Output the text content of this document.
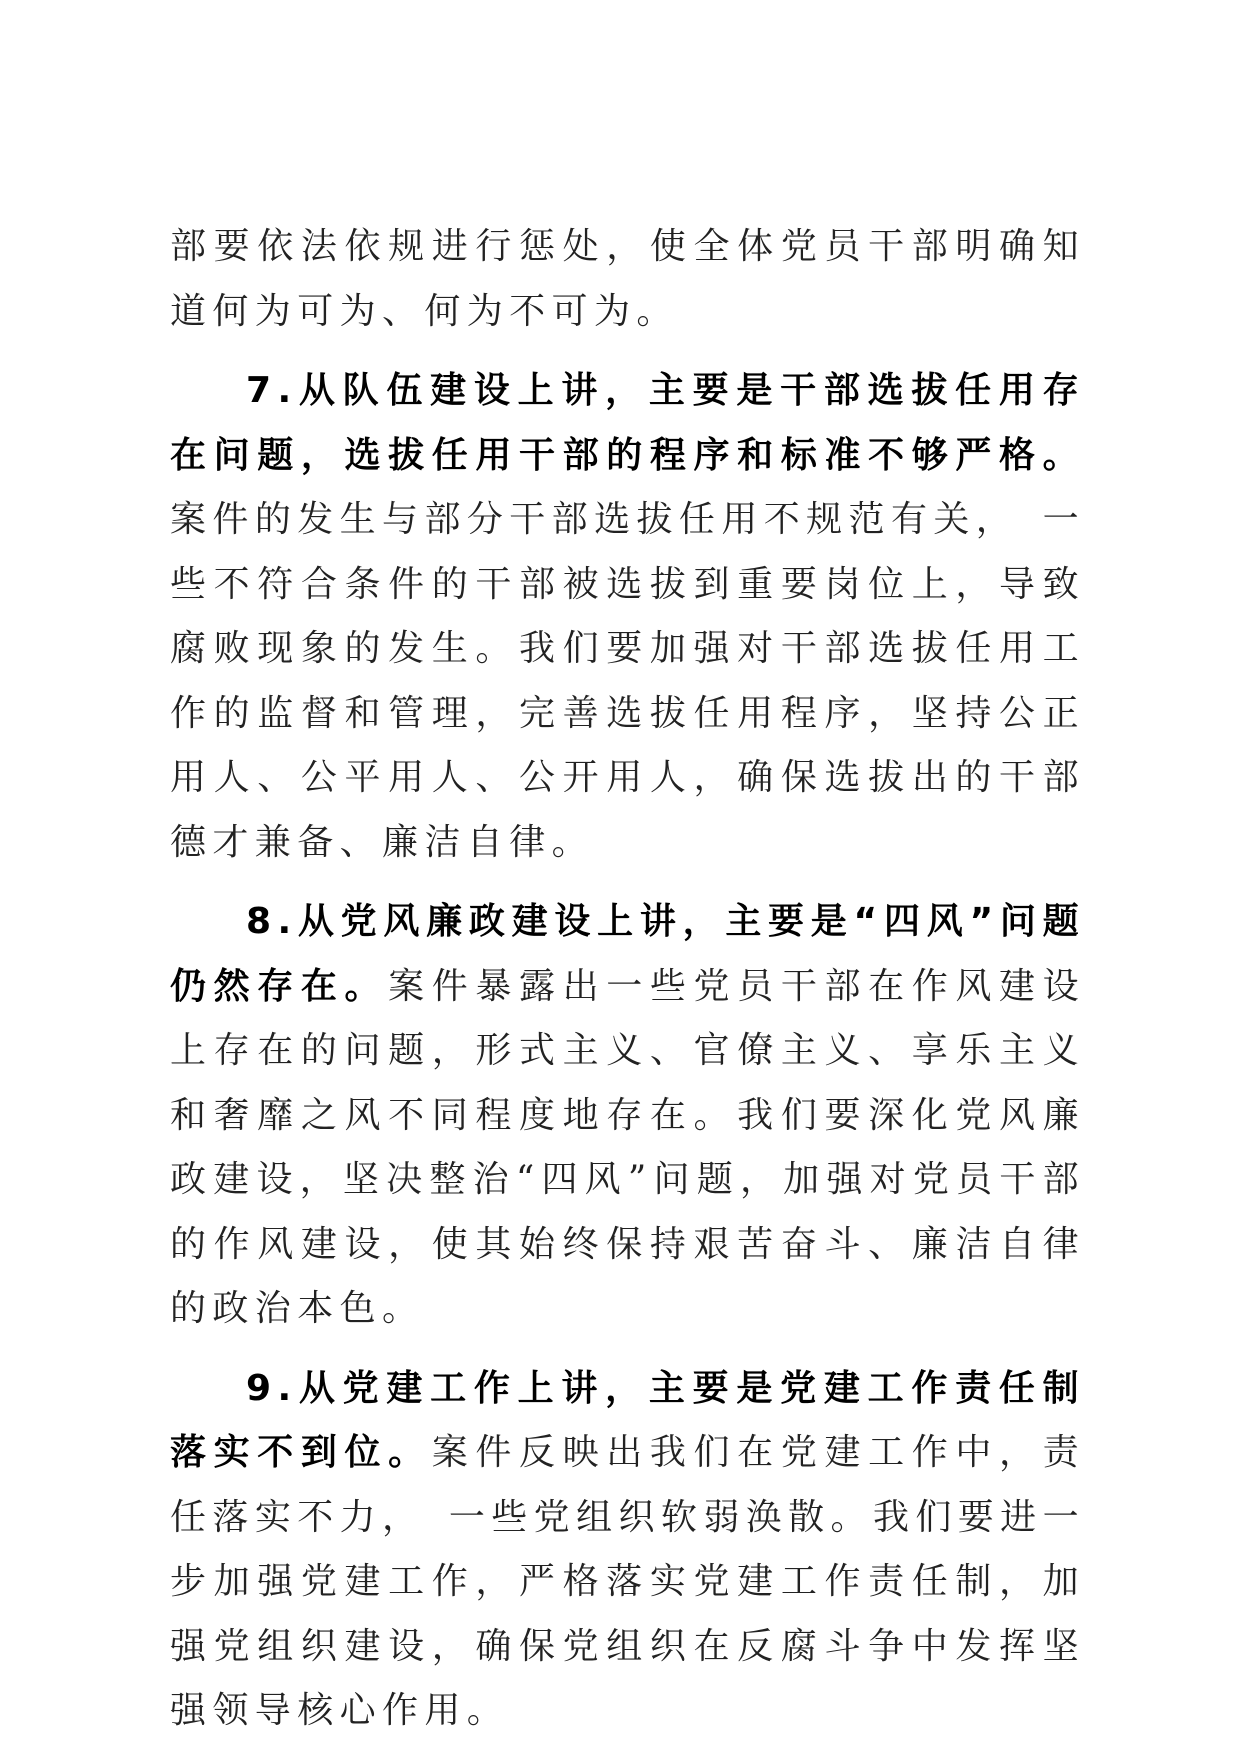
部要依法依规进行惩处，使全体党员干部明确知道何为可为、何为不可为。

7.从队伍建设上讲，主要是干部选拔任用存在问题，选拔任用干部的程序和标准不够严格。案件的发生与部分干部选拔任用不规范有关，　一些不符合条件的干部被选拔到重要岗位上，导致腐败现象的发生。我们要加强对干部选拔任用工作的监督和管理，完善选拔任用程序，坚持公正用人、公平用人、公开用人，确保选拔出的干部德才兼备、廉洁自律。

8.从党风廉政建设上讲，主要是“四风”问题仍然存在。案件暴露出一些党员干部在作风建设上存在的问题，形式主义、官僚主义、享乐主义和奢靡之风不同程度地存在。我们要深化党风廉政建设，坚决整治“四风”问题，加强对党员干部的作风建设，使其始终保持艰苦奋斗、廉洁自律的政治本色。

9.从党建工作上讲，主要是党建工作责任制落实不到位。案件反映出我们在党建工作中，责任落实不力，　一些党组织软弱涣散。我们要进一步加强党建工作，严格落实党建工作责任制，加强党组织建设，确保党组织在反腐斗争中发挥坚强领导核心作用。
